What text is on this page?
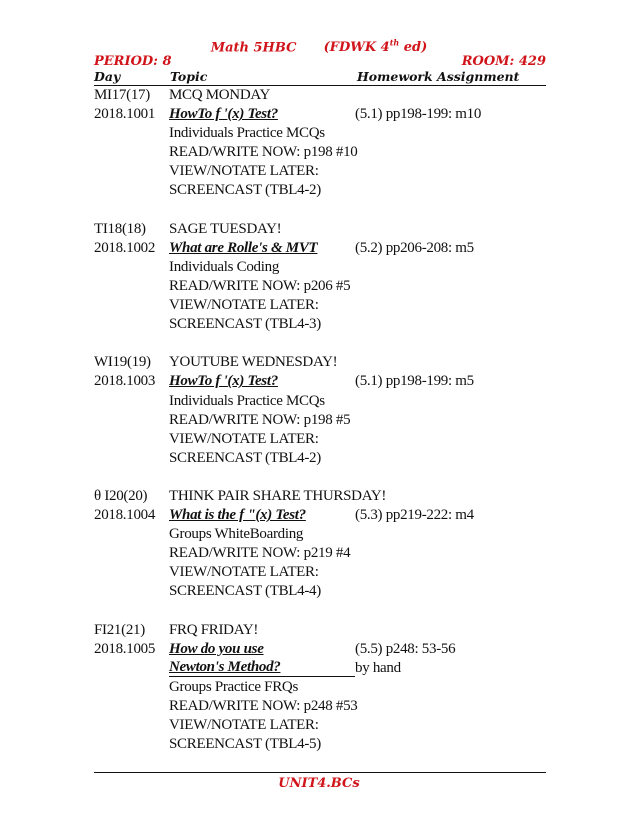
Math 5HBC (FDWK 4th ed)
PERIOD: 8	ROOM: 429
Day	Topic	Homework Assignment
MI17(17) MCQ MONDAY
2018.1001 HowTo f '(x) Test?	(5.1) pp198-199: m10
Individuals Practice MCQs
READ/WRITE NOW: p198 #10
VIEW/NOTATE LATER:
SCREENCAST (TBL4-2)
TI18(18) SAGE TUESDAY!
2018.1002 What are Rolle's & MVT	(5.2) pp206-208: m5
Individuals Coding
READ/WRITE NOW: p206 #5
VIEW/NOTATE LATER:
SCREENCAST (TBL4-3)
WI19(19) YOUTUBE WEDNESDAY!
2018.1003 HowTo f '(x) Test?	(5.1) pp198-199: m5
Individuals Practice MCQs
READ/WRITE NOW: p198 #5
VIEW/NOTATE LATER:
SCREENCAST (TBL4-2)
θ I20(20) THINK PAIR SHARE THURSDAY!
2018.1004 What is the f "(x) Test?	(5.3) pp219-222: m4
Groups WhiteBoarding
READ/WRITE NOW: p219 #4
VIEW/NOTATE LATER:
SCREENCAST (TBL4-4)
FI21(21) FRQ FRIDAY!
2018.1005 How do you use	(5.5) p248: 53-56
Newton's Method?	by hand
Groups Practice FRQs
READ/WRITE NOW: p248 #53
VIEW/NOTATE LATER:
SCREENCAST (TBL4-5)
UNIT4.BCs
